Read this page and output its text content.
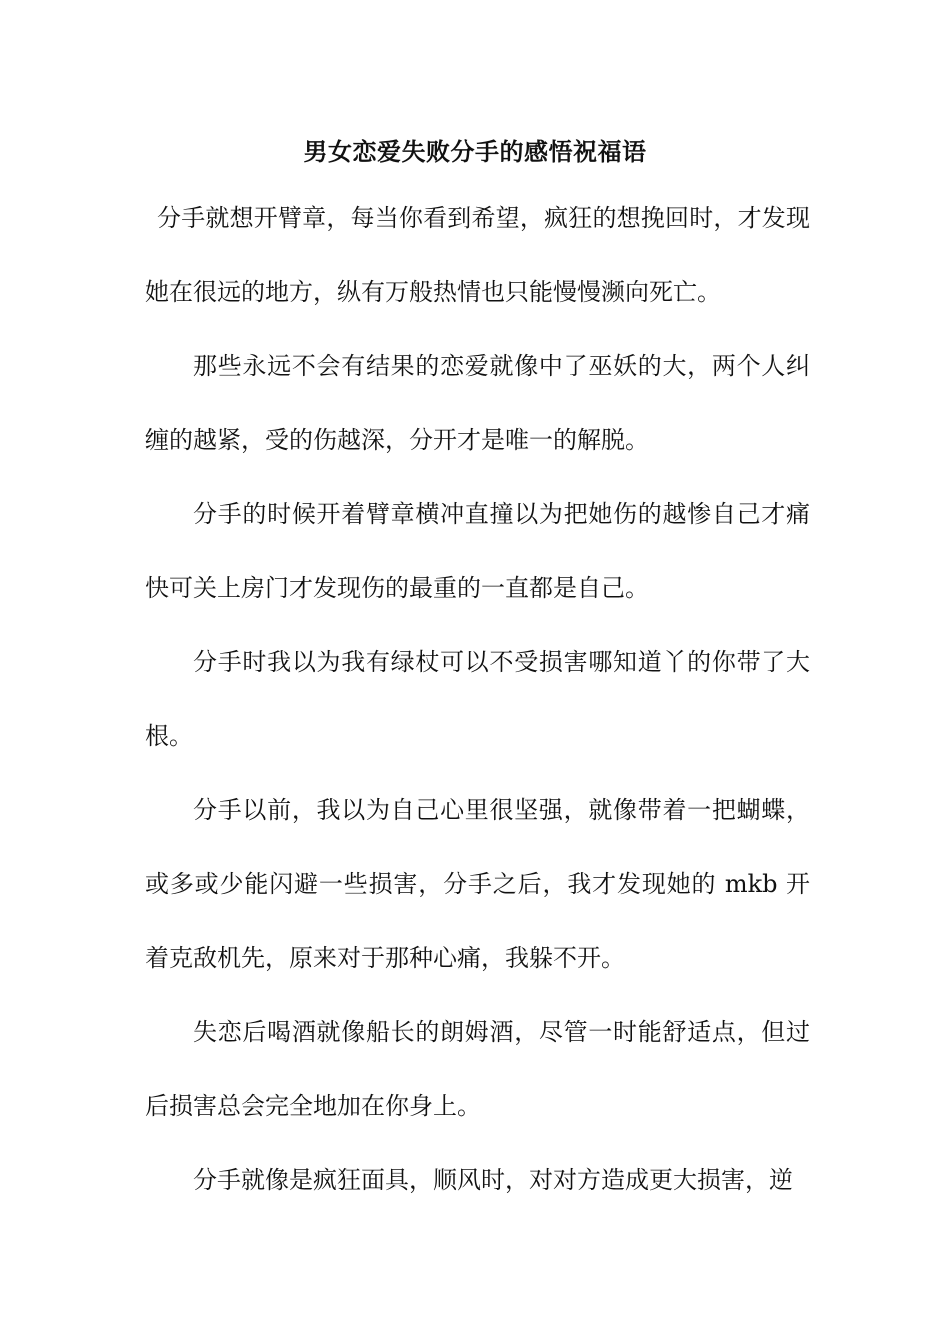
男女恋爱失败分手的感悟祝福语

分手就想开臂章，每当你看到希望，疯狂的想挽回时，才发现她在很远的地方，纵有万般热情也只能慢慢濒向死亡。

那些永远不会有结果的恋爱就像中了巫妖的大，两个人纠缠的越紧，受的伤越深，分开才是唯一的解脱。

分手的时候开着臂章横冲直撞以为把她伤的越惨自己才痛快可关上房门才发现伤的最重的一直都是自己。

分手时我以为我有绿杖可以不受损害哪知道丫的你带了大根。

分手以前，我以为自己心里很坚强，就像带着一把蝴蝶，或多或少能闪避一些损害，分手之后，我才发现她的 mkb 开着克敌机先，原来对于那种心痛，我躲不开。

失恋后喝酒就像船长的朗姆酒，尽管一时能舒适点，但过后损害总会完全地加在你身上。

分手就像是疯狂面具，顺风时，对对方造成更大损害，逆
